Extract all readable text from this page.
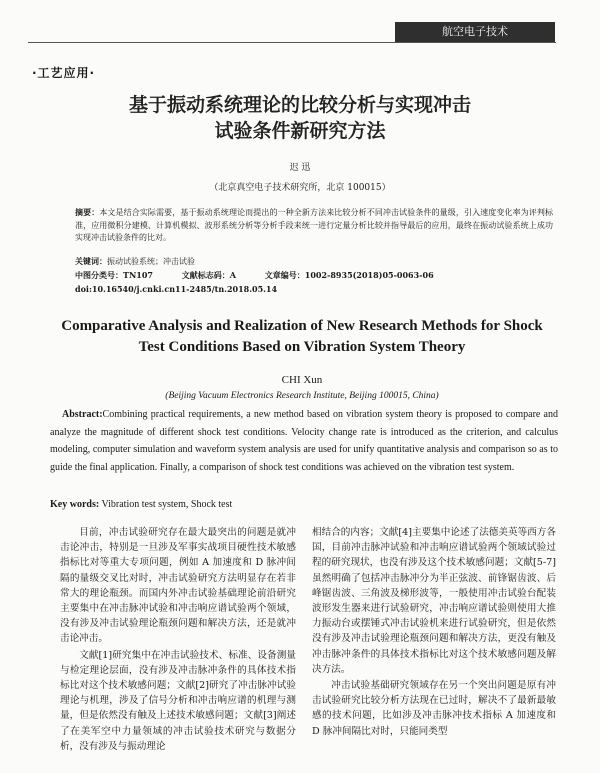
航空电子技术
·工艺应用·
基于振动系统理论的比较分析与实现冲击
试验条件新研究方法
迟 迅
（北京真空电子技术研究所，北京 100015）
摘要：本文是结合实际需要，基于振动系统理论而提出的一种全新方法来比较分析不同冲击试验条件的量级，引入速度变化率为评判标准，应用微积分建模、计算机模拟、波形系统分析等分析手段来统一进行定量分析比较并指导最后的应用，最终在振动试验系统上成功实现冲击试验条件的比对。
关键词：振动试验系统；冲击试验
中图分类号：TN107	文献标志码：A	文章编号：1002-8935(2018)05-0063-06
doi:10.16540/j.cnki.cn11-2485/tn.2018.05.14
Comparative Analysis and Realization of New Research Methods for Shock
Test Conditions Based on Vibration System Theory
CHI Xun
(Beijing Vacuum Electronics Research Institute, Beijing 100015, China)
Abstract:Combining practical requirements, a new method based on vibration system theory is proposed to compare and analyze the magnitude of different shock test conditions. Velocity change rate is introduced as the criterion, and calculus modeling, computer simulation and waveform system analysis are used for unify quantitative analysis and comparison so as to guide the final application. Finally, a comparison of shock test conditions was achieved on the vibration test system.
Key words: Vibration test system, Shock test

目前，冲击试验研究存在最大最突出的问题是就冲击论冲击，特别是一旦涉及军事实战项目硬性技术敏感指标比对等重大专项问题，例如 A 加速度和 D 脉冲间隔的量级交叉比对时，冲击试验研究方法明显存在若非常大的理论瓶颈。而国内外冲击试验基础理论前沿研究主要集中在冲击脉冲试验和冲击响应谱试验两个领域，没有涉及冲击试验理论瓶颈问题和解决方法，还是就冲击论冲击。

文献[1]研究集中在冲击试验技术、标准、设备测量与检定理论层面，没有涉及冲击脉冲条件的具体技术指标比对这个技术敏感问题；文献[2]研究了冲击脉冲试验理论与机理，涉及了信号分析和冲击响应谱的机理与测量，但是依然没有触及上述技术敏感问题；文献[3]阐述了在美军空中力量领域的冲击试验技术研究与数据分析，没有涉及与振动理论

相结合的内容；文献[4]主要集中论述了法德美英等西方各国，目前冲击脉冲试验和冲击响应谱试验两个领域试验过程的研究现状，也没有涉及这个技术敏感问题；文献[5-7]虽然明确了包括冲击脉冲分为半正弦波、前锋锯齿波、后峰锯齿波、三角波及梯形波等，一般使用冲击试验台配装波形发生器来进行试验研究，冲击响应谱试验则使用大推力振动台或摆锤式冲击试验机来进行试验研究，但是依然没有涉及冲击试验理论瓶颈问题和解决方法，更没有触及冲击脉冲条件的具体技术指标比对这个技术敏感问题及解决方法。

冲击试验基础研究领域存在另一个突出问题是原有冲击试验研究比较分析方法现在已过时，解决不了最新最敏感的技术问题，比如涉及冲击脉冲技术指标 A 加速度和 D 脉冲间隔比对时，只能同类型
